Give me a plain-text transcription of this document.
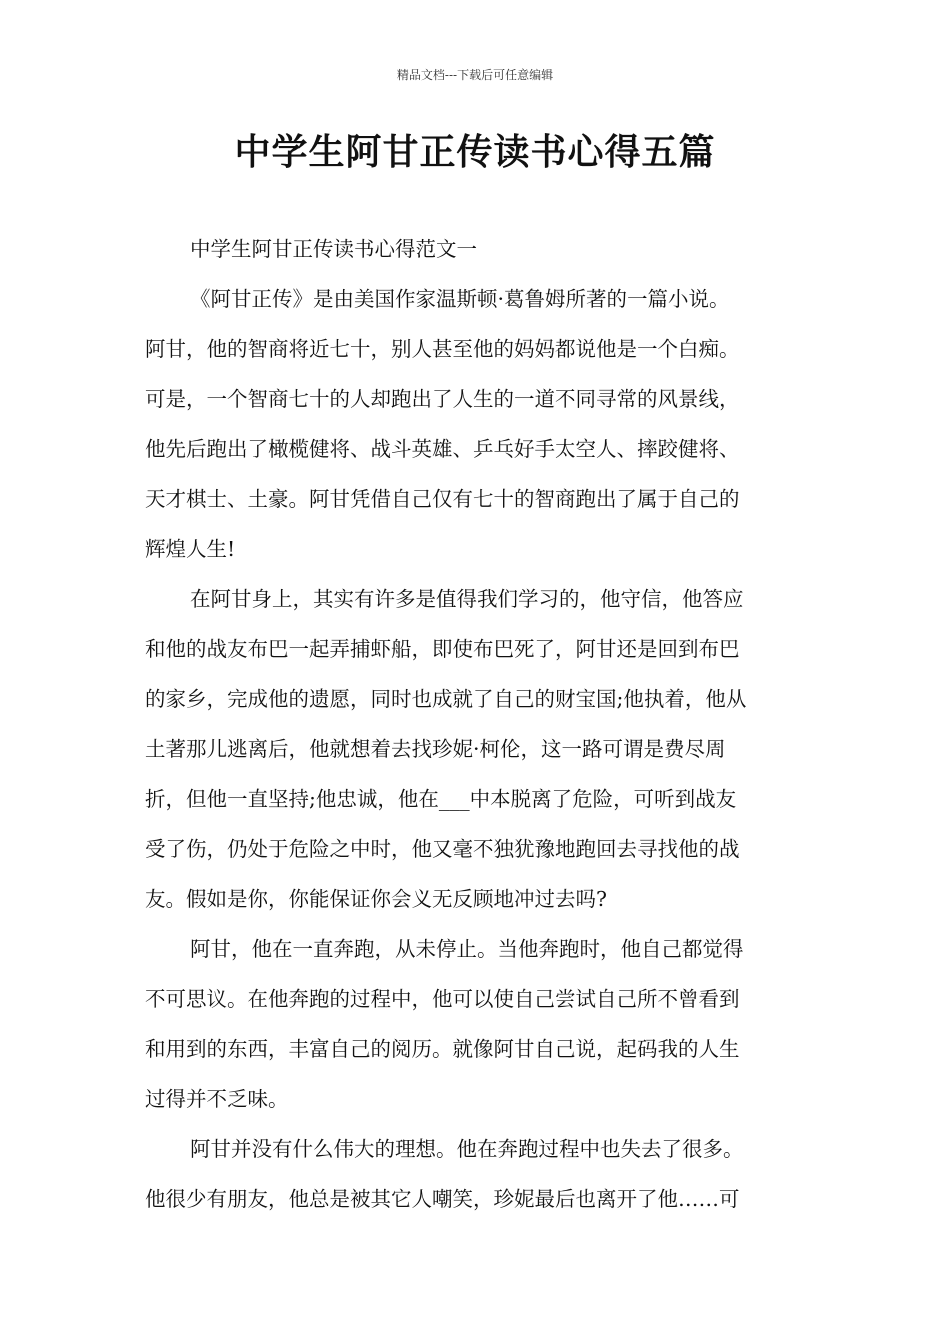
精品文档---下载后可任意编辑
中学生阿甘正传读书心得五篇

中学生阿甘正传读书心得范文一

《阿甘正传》是由美国作家温斯顿·葛鲁姆所著的一篇小说。
阿甘，他的智商将近七十，别人甚至他的妈妈都说他是一个白痴。
可是，一个智商七十的人却跑出了人生的一道不同寻常的风景线，
他先后跑出了橄榄健将、战斗英雄、乒乓好手太空人、摔跤健将、
天才棋士、土豪。阿甘凭借自己仅有七十的智商跑出了属于自己的
辉煌人生!

在阿甘身上，其实有许多是值得我们学习的，他守信，他答应
和他的战友布巴一起弄捕虾船，即使布巴死了，阿甘还是回到布巴
的家乡，完成他的遗愿，同时也成就了自己的财宝国;他执着，他从
土著那儿逃离后，他就想着去找珍妮·柯伦，这一路可谓是费尽周
折，但他一直坚持;他忠诚，他在___中本脱离了危险，可听到战友
受了伤，仍处于危险之中时，他又毫不独犹豫地跑回去寻找他的战
友。假如是你，你能保证你会义无反顾地冲过去吗?

阿甘，他在一直奔跑，从未停止。当他奔跑时，他自己都觉得
不可思议。在他奔跑的过程中，他可以使自己尝试自己所不曾看到
和用到的东西，丰富自己的阅历。就像阿甘自己说，起码我的人生
过得并不乏味。

阿甘并没有什么伟大的理想。他在奔跑过程中也失去了很多。
他很少有朋友，他总是被其它人嘲笑，珍妮最后也离开了他……可
